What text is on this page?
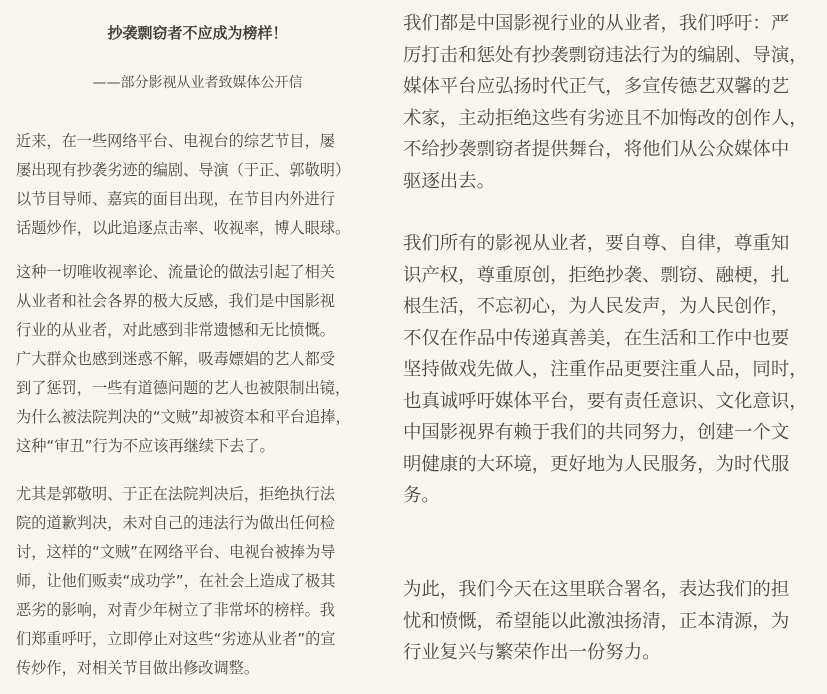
抄袭剽窃者不应成为榜样！
——部分影视从业者致媒体公开信
近来，在一些网络平台、电视台的综艺节目，屡
屡出现有抄袭劣迹的编剧、导演（于正、郭敬明）
以节目导师、嘉宾的面目出现，在节目内外进行
话题炒作，以此追逐点击率、收视率，博人眼球。
这种一切唯收视率论、流量论的做法引起了相关
从业者和社会各界的极大反感，我们是中国影视
行业的从业者，对此感到非常遗憾和无比愤慨。
广大群众也感到迷惑不解，吸毒嫖娼的艺人都受
到了惩罚，一些有道德问题的艺人也被限制出镜，
为什么被法院判决的“文贼”却被资本和平台追捧，
这种“审丑”行为不应该再继续下去了。
尤其是郭敬明、于正在法院判决后，拒绝执行法
院的道歉判决，未对自己的违法行为做出任何检
讨，这样的“文贼”在网络平台、电视台被捧为导
师，让他们贩卖“成功学”，在社会上造成了极其
恶劣的影响，对青少年树立了非常坏的榜样。我
们郑重呼吁，立即停止对这些“劣迹从业者”的宣
传炒作，对相关节目做出修改调整。
我们都是中国影视行业的从业者，我们呼吁：严
厉打击和惩处有抄袭剽窃违法行为的编剧、导演，
媒体平台应弘扬时代正气，多宣传德艺双馨的艺
术家，主动拒绝这些有劣迹且不加悔改的创作人，
不给抄袭剽窃者提供舞台，将他们从公众媒体中
驱逐出去。
我们所有的影视从业者，要自尊、自律，尊重知
识产权，尊重原创，拒绝抄袭、剽窃、融梗，扎
根生活，不忘初心，为人民发声，为人民创作，
不仅在作品中传递真善美，在生活和工作中也要
坚持做戏先做人，注重作品更要注重人品，同时，
也真诚呼吁媒体平台，要有责任意识、文化意识，
中国影视界有赖于我们的共同努力，创建一个文
明健康的大环境，更好地为人民服务，为时代服
务。
为此，我们今天在这里联合署名，表达我们的担
忧和愤慨，希望能以此激浊扬清，正本清源，为
行业复兴与繁荣作出一份努力。
